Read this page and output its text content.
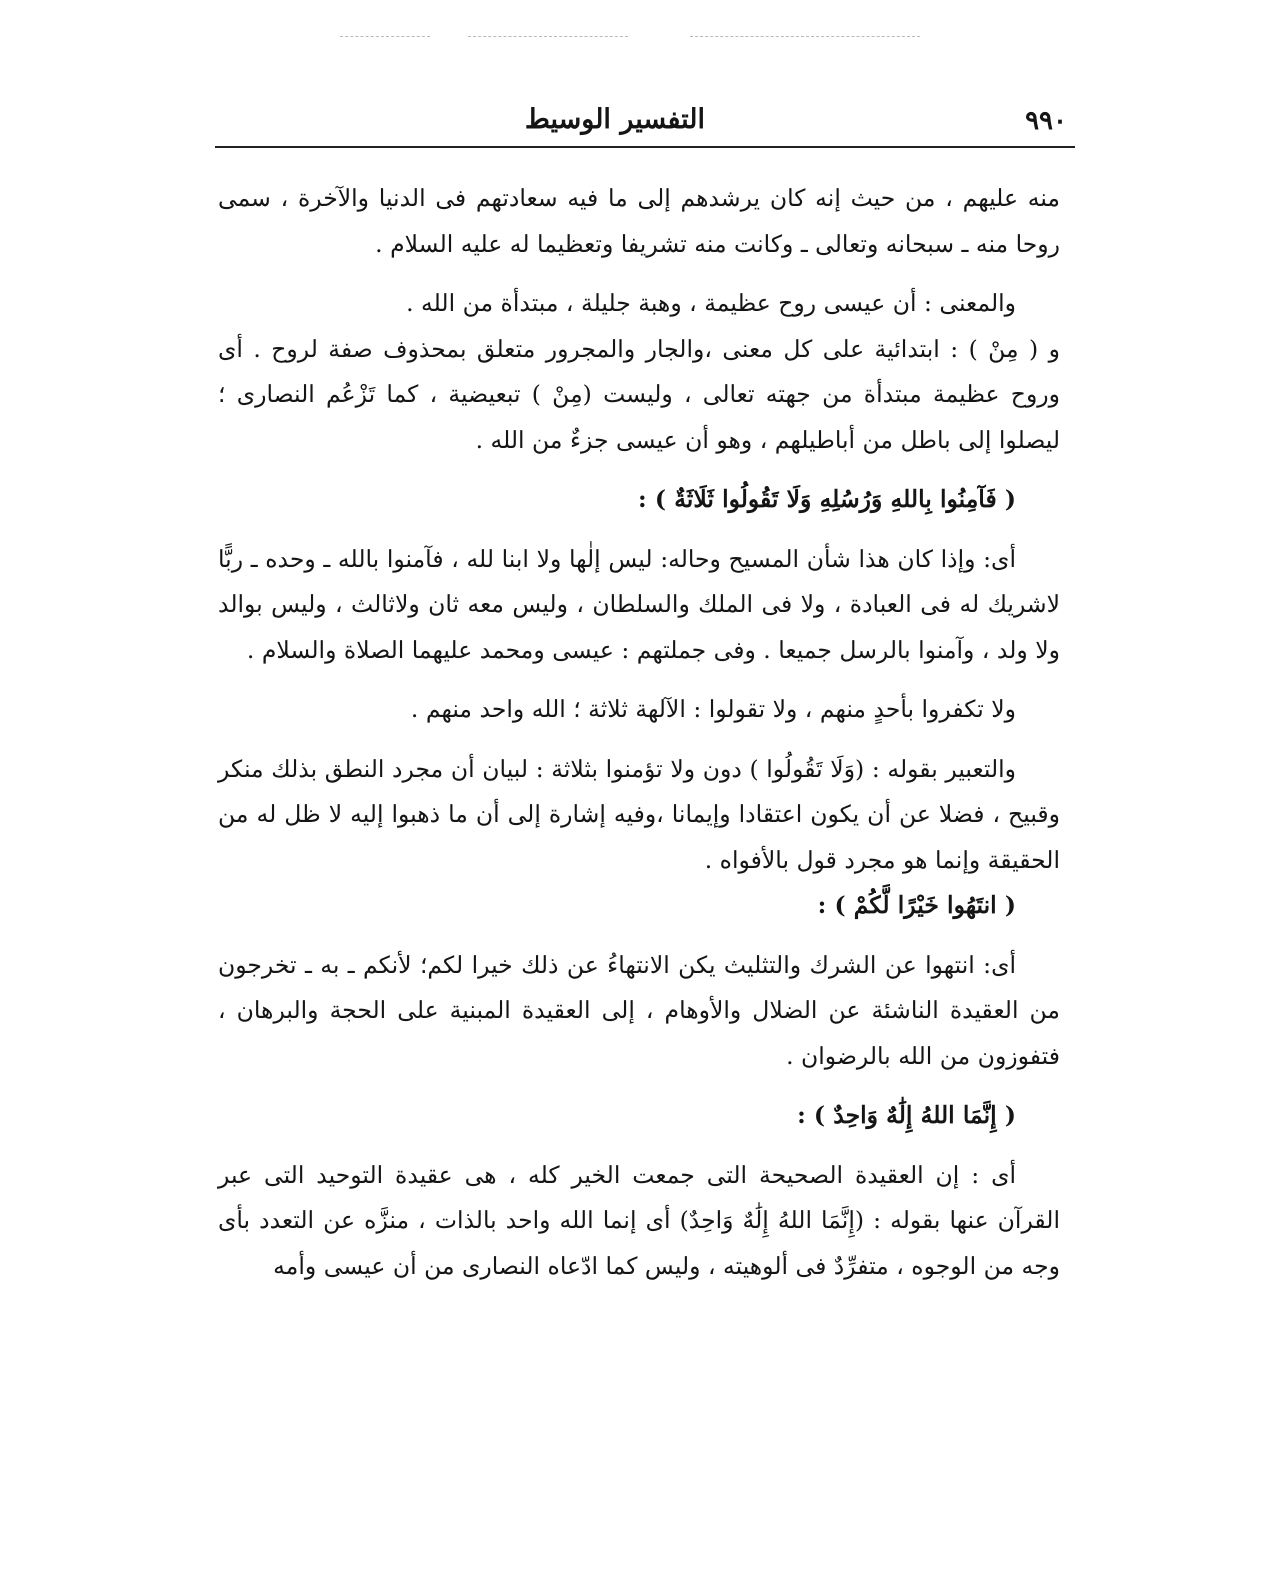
٩٩٠
التفسير الوسيط

منه عليهم ، من حيث إنه كان يرشدهم إلى ما فيه سعادتهم فى الدنيا والآخرة ، سمى روحا منه ـ سبحانه وتعالى ـ وكانت منه تشريفا وتعظيما له عليه السلام .

والمعنى : أن عيسى روح عظيمة ، وهبة جليلة ، مبتدأة من الله .

و ( مِنْ ) : ابتدائية على كل معنى ،والجار والمجرور متعلق بمحذوف صفة لروح . أى وروح عظيمة مبتدأة من جهته تعالى ، وليست (مِنْ ) تبعيضية ، كما تَزْعُم النصارى ؛ ليصلوا إلى باطل من أباطيلهم ، وهو أن عيسى جزءٌ من الله .

( فَآمِنُوا بِاللهِ وَرُسُلِهِ وَلَا تَقُولُوا ثَلَاثَةٌ ) :

أى: وإذا كان هذا شأن المسيح وحاله: ليس إلٰها ولا ابنا لله ، فآمنوا بالله ـ وحده ـ ربًّا لاشريك له فى العبادة ، ولا فى الملك والسلطان ، وليس معه ثان ولاثالث ، وليس بوالد ولا ولد ، وآمنوا بالرسل جميعا . وفى جملتهم : عيسى ومحمد عليهما الصلاة والسلام .

ولا تكفروا بأحدٍ منهم ، ولا تقولوا : الآلهة ثلاثة ؛ الله واحد منهم .

والتعبير بقوله : (وَلَا تَقُولُوا ) دون ولا تؤمنوا بثلاثة : لبيان أن مجرد النطق بذلك منكر وقبيح ، فضلا عن أن يكون اعتقادا وإيمانا ،وفيه إشارة إلى أن ما ذهبوا إليه لا ظل له من الحقيقة وإنما هو مجرد قول بالأفواه .

( انتَهُوا خَيْرًا لَّكُمْ ) :

أى: انتهوا عن الشرك والتثليث يكن الانتهاءُ عن ذلك خيرا لكم؛ لأنكم ـ به ـ تخرجون من العقيدة الناشئة عن الضلال والأوهام ، إلى العقيدة المبنية على الحجة والبرهان ، فتفوزون من الله بالرضوان .

( إِنَّمَا اللهُ إِلَٰهٌ وَاحِدٌ ) :

أى : إن العقيدة الصحيحة التى جمعت الخير كله ، هى عقيدة التوحيد التى عبر القرآن عنها بقوله : (إِنَّمَا اللهُ إِلَٰهٌ وَاحِدٌ) أى إنما الله واحد بالذات ، منزَّه عن التعدد بأى وجه من الوجوه ، متفرِّدٌ فى ألوهيته ، وليس كما ادّعاه النصارى من أن عيسى وأمه
